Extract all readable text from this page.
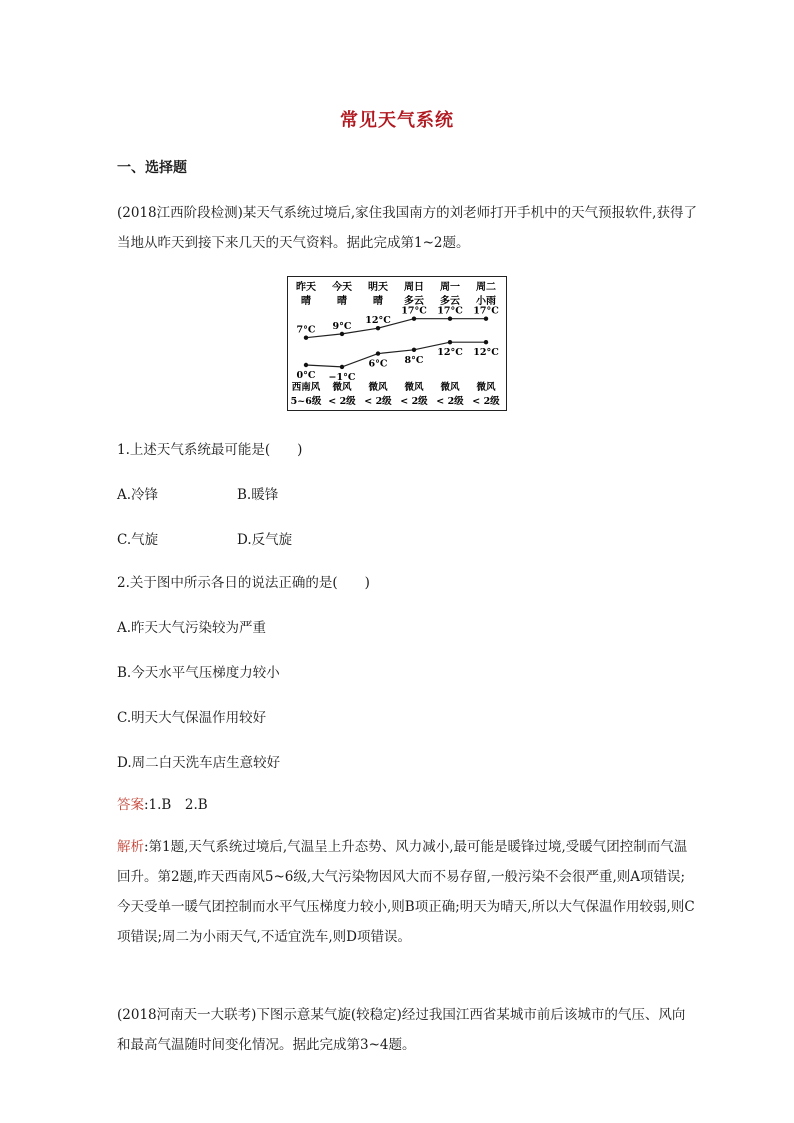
常见天气系统
一、选择题
(2018江西阶段检测)某天气系统过境后,家住我国南方的刘老师打开手机中的天气预报软件,获得了当地从昨天到接下来几天的天气资料。据此完成第1~2题。
昨天
晴
7°C
0°C
西南风
5~6级
今天
晴
9°C
−1°C
微风
< 2级
明天
晴
12°C
6°C
微风
< 2级
周日
多云
17°C
8°C
微风
< 2级
周一
多云
17°C
12°C
微风
< 2级
周二
小雨
17°C
12°C
微风
< 2级
1.上述天气系统最可能是(　　)
A.冷锋	B.暖锋
C.气旋	D.反气旋
2.关于图中所示各日的说法正确的是(　　)
A.昨天大气污染较为严重
B.今天水平气压梯度力较小
C.明天大气保温作用较好
D.周二白天洗车店生意较好
答案:1.B　2.B
解析:第1题,天气系统过境后,气温呈上升态势、风力减小,最可能是暖锋过境,受暖气团控制而气温回升。第2题,昨天西南风5~6级,大气污染物因风大而不易存留,一般污染不会很严重,则A项错误;今天受单一暖气团控制而水平气压梯度力较小,则B项正确;明天为晴天,所以大气保温作用较弱,则C项错误;周二为小雨天气,不适宜洗车,则D项错误。
(2018河南天一大联考)下图示意某气旋(较稳定)经过我国江西省某城市前后该城市的气压、风向和最高气温随时间变化情况。据此完成第3~4题。
